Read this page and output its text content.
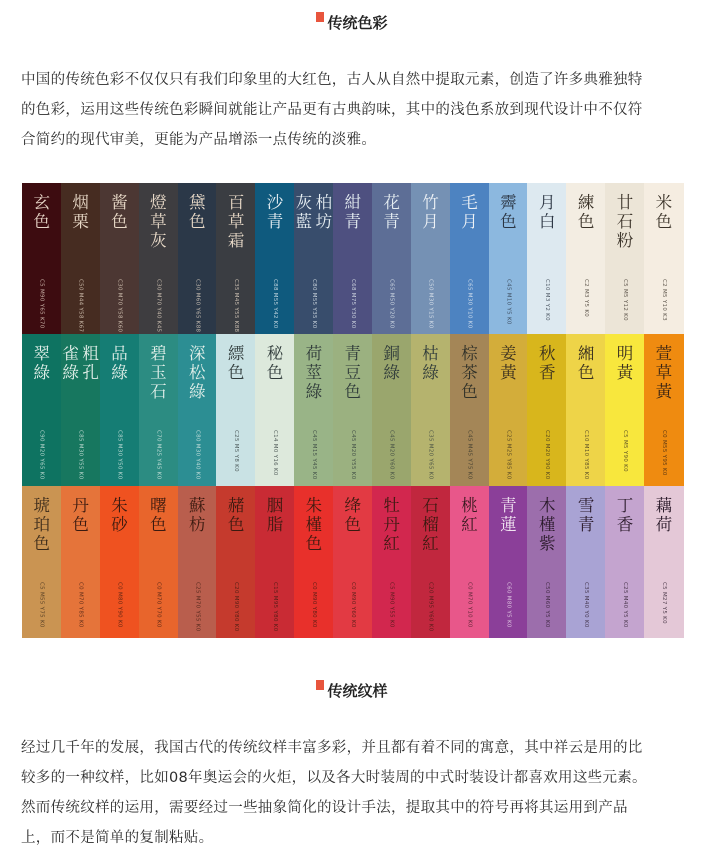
传统色彩
中国的传统色彩不仅仅只有我们印象里的大红色，古人从自然中提取元素，创造了许多典雅独特
的色彩，运用这些传统色彩瞬间就能让产品更有古典韵味，其中的浅色系放到现代设计中不仅符
合简约的现代审美，更能为产品增添一点传统的淡雅。
玄
色
C5 M90 Y65 K70
烟
栗
C50 M44 Y58 K67
酱
色
C30 M70 Y58 K60
燈
草
灰
C30 M70 Y40 K45
黛
色
C30 M60 Y65 K88
百
草
霜
C35 M45 Y55 K88
沙
青
C88 M55 Y42 K0
灰
藍
柏
坊
C80 M55 Y35 K0
紺
青
C68 M75 Y30 K0
花
青
C65 M50 Y20 K0
竹
月
C50 M30 Y15 K0
毛
月
C65 M30 Y10 K0
霽
色
C45 M10 Y5 K0
月
白
C10 M3 Y2 K0
練
色
C2 M3 Y5 K0
廿
石
粉
C5 M5 Y12 K0
米
色
C2 M5 Y10 K3
翠
綠
C90 M20 Y65 K0
雀
綠
粗
孔
C85 M30 Y55 K0
品
綠
C85 M30 Y50 K0
碧
玉
石
C70 M25 Y45 K0
深
松
綠
C80 M30 Y40 K0
縹
色
C25 M5 Y8 K0
秘
色
C14 M0 Y16 K0
荷
莖
綠
C45 M15 Y45 K0
青
豆
色
C45 M20 Y55 K0
銅
綠
C45 M20 Y60 K0
枯
綠
C35 M20 Y65 K0
棕
茶
色
C45 M45 Y75 K0
姜
黃
C25 M25 Y85 K0
秋
香
C20 M20 Y90 K0
緗
色
C10 M10 Y85 K0
明
黃
C5 M5 Y90 K0
萱
草
黃
C0 M55 Y95 K0
琥
珀
色
C5 M55 Y75 K0
丹
色
C0 M70 Y85 K0
朱
砂
C0 M80 Y90 K0
曙
色
C0 M70 Y70 K0
蘇
枋
C25 M70 Y55 K0
赭
色
C20 M90 Y80 K0
胭
脂
C15 M95 Y80 K0
朱
槿
色
C0 M90 Y80 K0
绛
色
C0 M90 Y60 K0
牡
丹
紅
C5 M90 Y55 K0
石
榴
紅
C20 M95 Y60 K0
桃
紅
C0 M70 Y10 K0
青
蓮
C60 M80 Y5 K0
木
槿
紫
C50 M60 Y5 K0
雪
青
C35 M40 Y0 K0
丁
香
C25 M40 Y5 K0
藕
荷
C5 M27 Y5 K0
传统纹样
经过几千年的发展，我国古代的传统纹样丰富多彩，并且都有着不同的寓意，其中祥云是用的比
较多的一种纹样，比如08年奥运会的火炬，以及各大时装周的中式时装设计都喜欢用这些元素。
然而传统纹样的运用，需要经过一些抽象简化的设计手法，提取其中的符号再将其运用到产品
上，而不是简单的复制粘贴。
